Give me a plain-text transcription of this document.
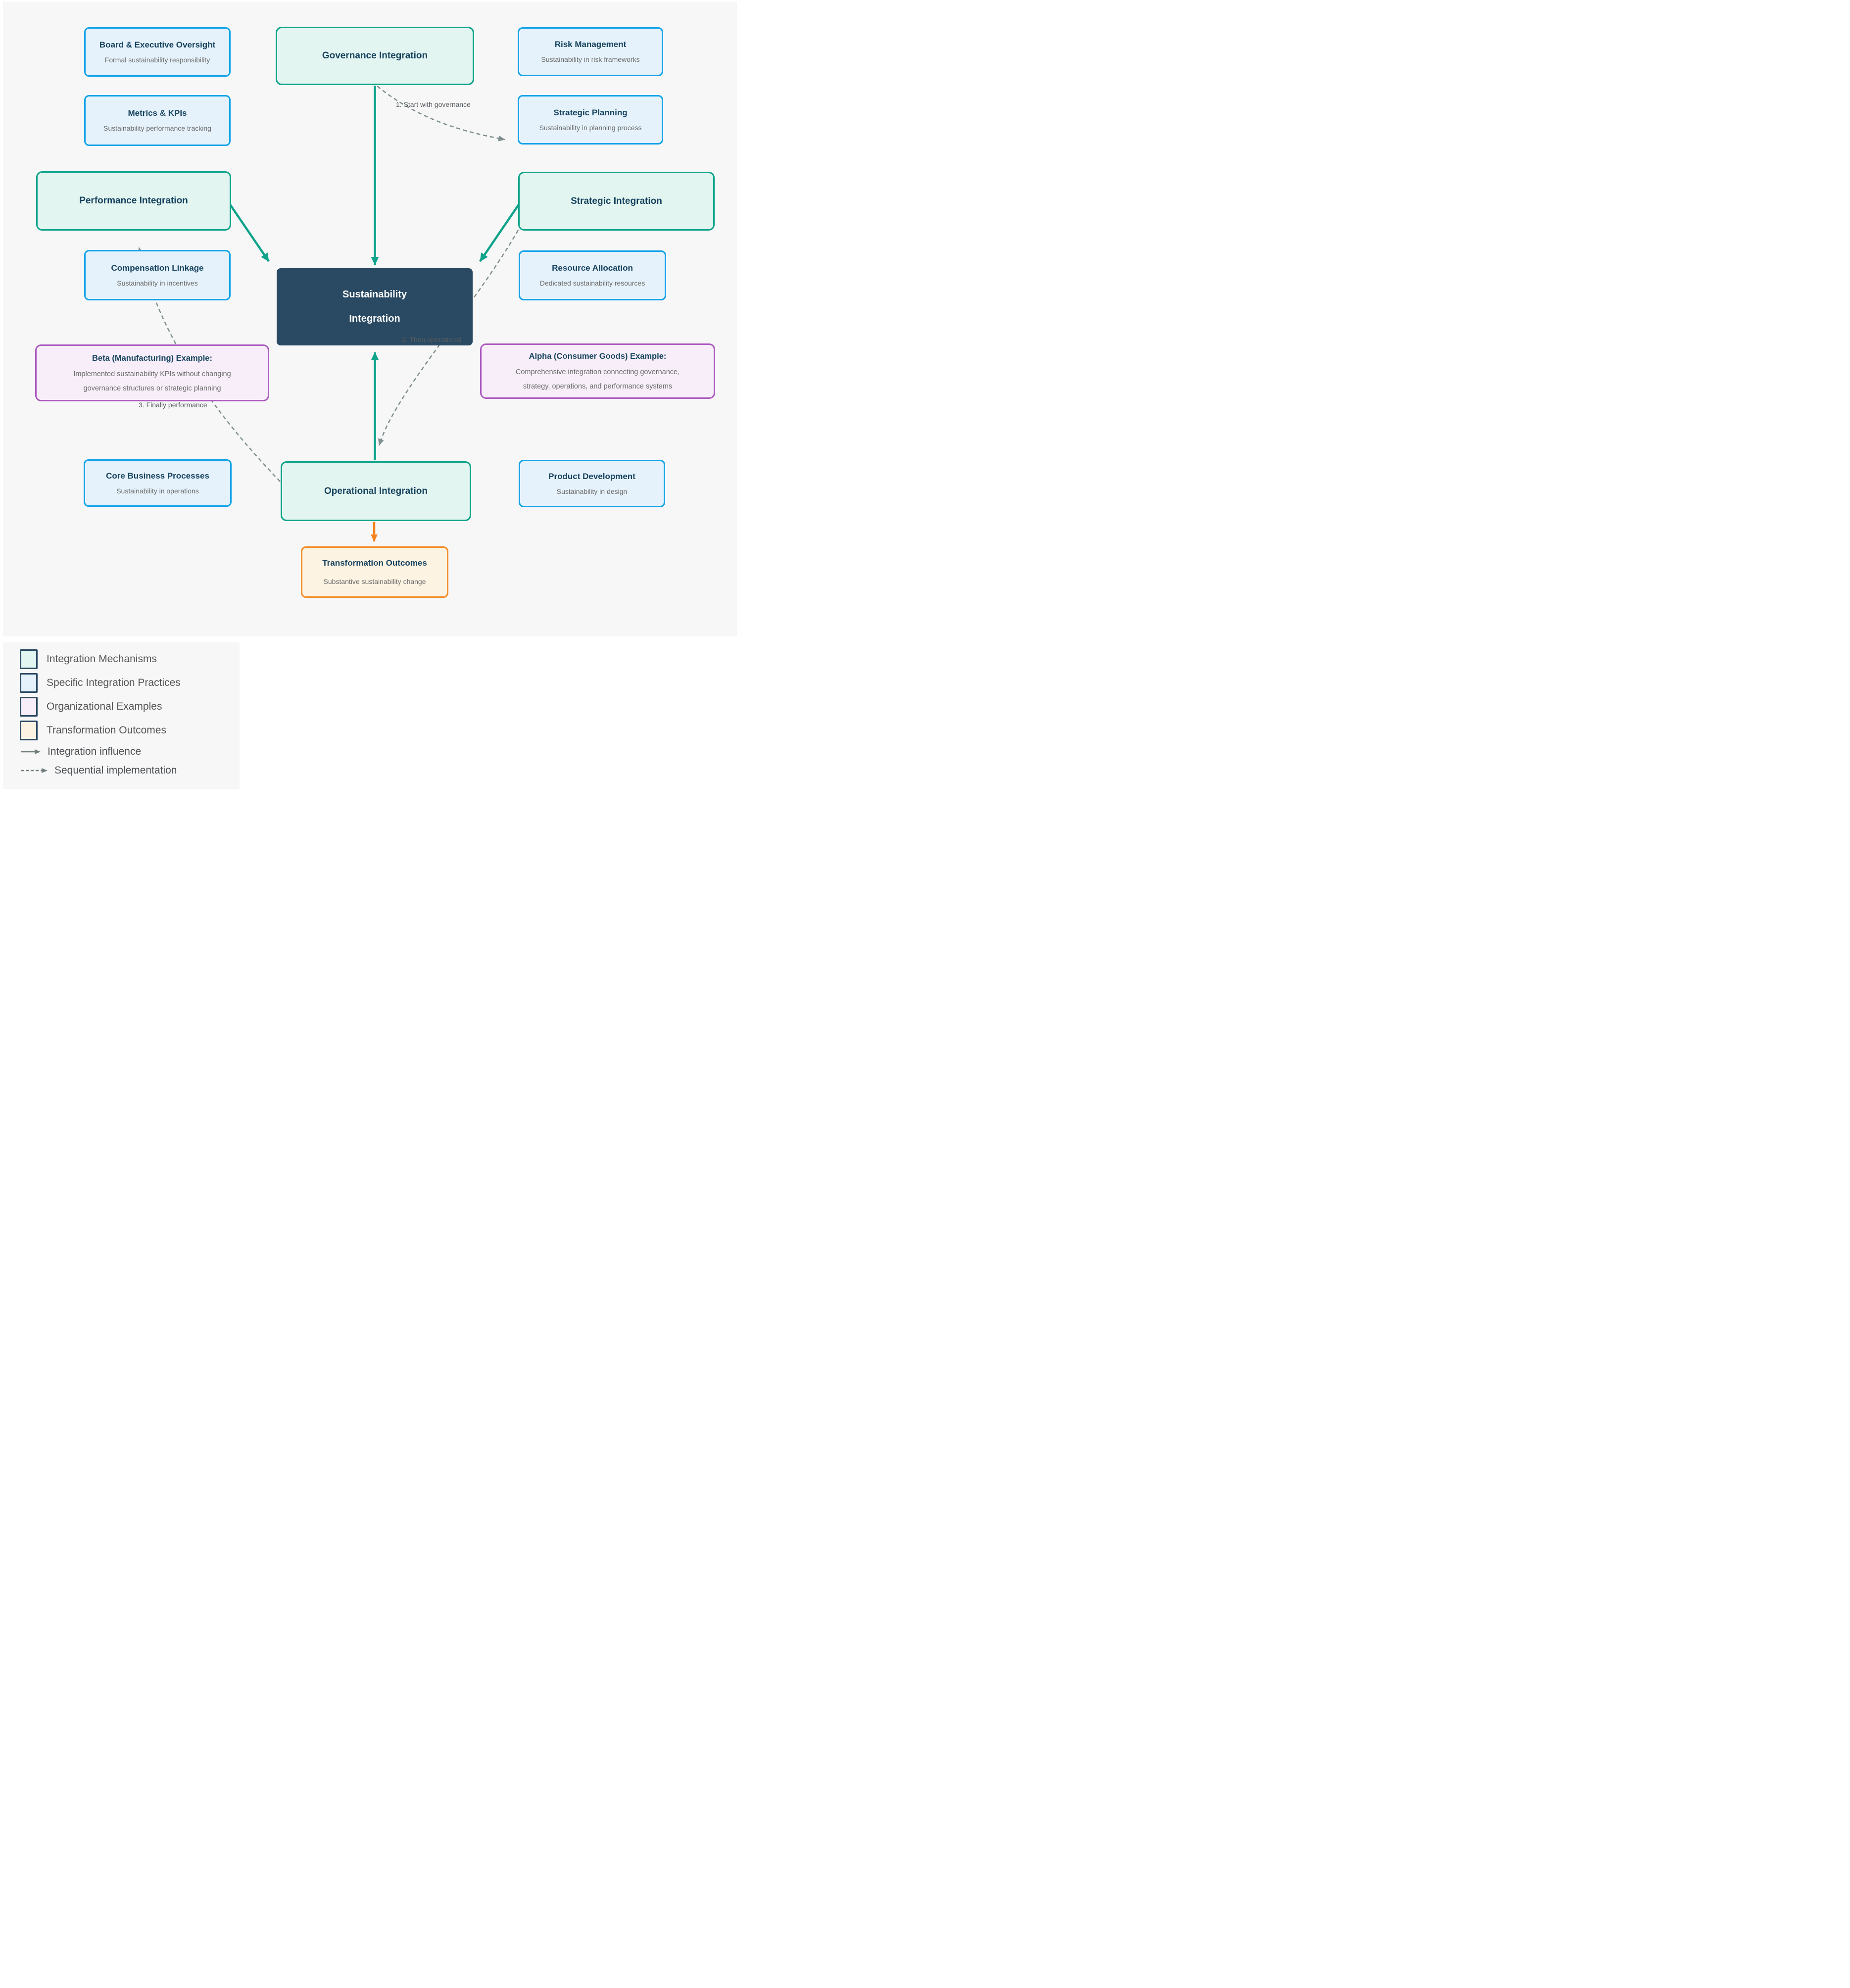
Integration Mechanisms
Specific Integration Practices
Organizational Examples
Transformation Outcomes
Integration influence
Sequential implementation
Board & Executive Oversight
Formal sustainability responsibility
Metrics & KPIs
Sustainability performance tracking
Risk Management
Sustainability in risk frameworks
Strategic Planning
Sustainability in planning process
Compensation Linkage
Sustainability in incentives
Resource Allocation
Dedicated sustainability resources
Core Business Processes
Sustainability in operations
Product Development
Sustainability in design
Governance Integration
Performance Integration	Strategic Integration
Operational Integration
Sustainability
Integration
Beta (Manufacturing) Example:
Implemented sustainability KPIs without changing
governance structures or strategic planning
Alpha (Consumer Goods) Example:
Comprehensive integration connecting governance,
strategy, operations, and performance systems
Transformation Outcomes
Substantive sustainability change
1. Start with governance
2. Then operational
3. Finally performance
